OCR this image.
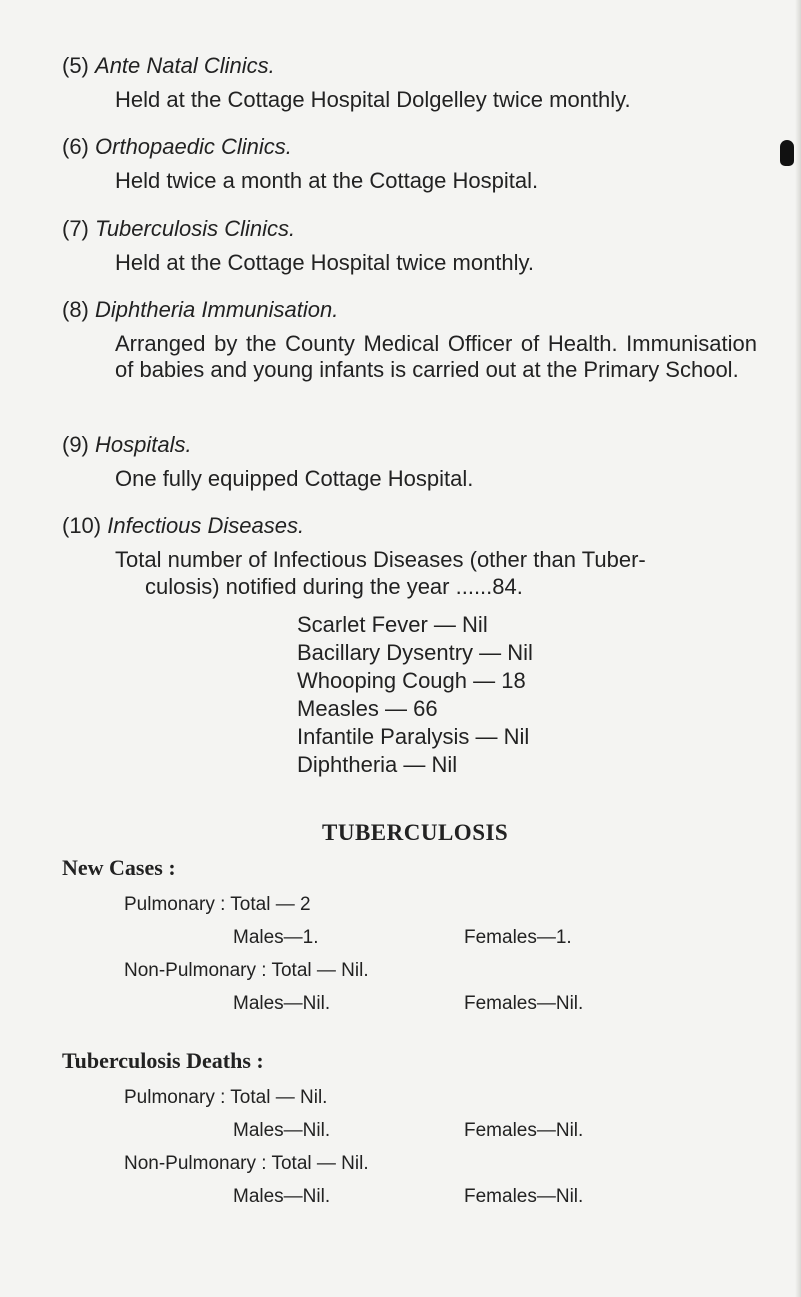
(5) Ante Natal Clinics.
Held at the Cottage Hospital Dolgelley twice monthly.
(6) Orthopaedic Clinics.
Held twice a month at the Cottage Hospital.
(7) Tuberculosis Clinics.
Held at the Cottage Hospital twice monthly.
(8) Diphtheria Immunisation.
Arranged by the County Medical Officer of Health. Immunisation of babies and young infants is carried out at the Primary School.
(9) Hospitals.
One fully equipped Cottage Hospital.
(10) Infectious Diseases.
Total number of Infectious Diseases (other than Tuber-
culosis) notified during the year ......84.
Scarlet Fever — Nil
Bacillary Dysentry — Nil
Whooping Cough — 18
Measles — 66
Infantile Paralysis — Nil
Diphtheria — Nil
TUBERCULOSIS
New Cases :
Pulmonary : Total — 2
Males—1.	Females—1.
Non-Pulmonary : Total — Nil.
Males—Nil.	Females—Nil.
Tuberculosis Deaths :
Pulmonary : Total — Nil.
Males—Nil.	Females—Nil.
Non-Pulmonary : Total — Nil.
Males—Nil.	Females—Nil.
